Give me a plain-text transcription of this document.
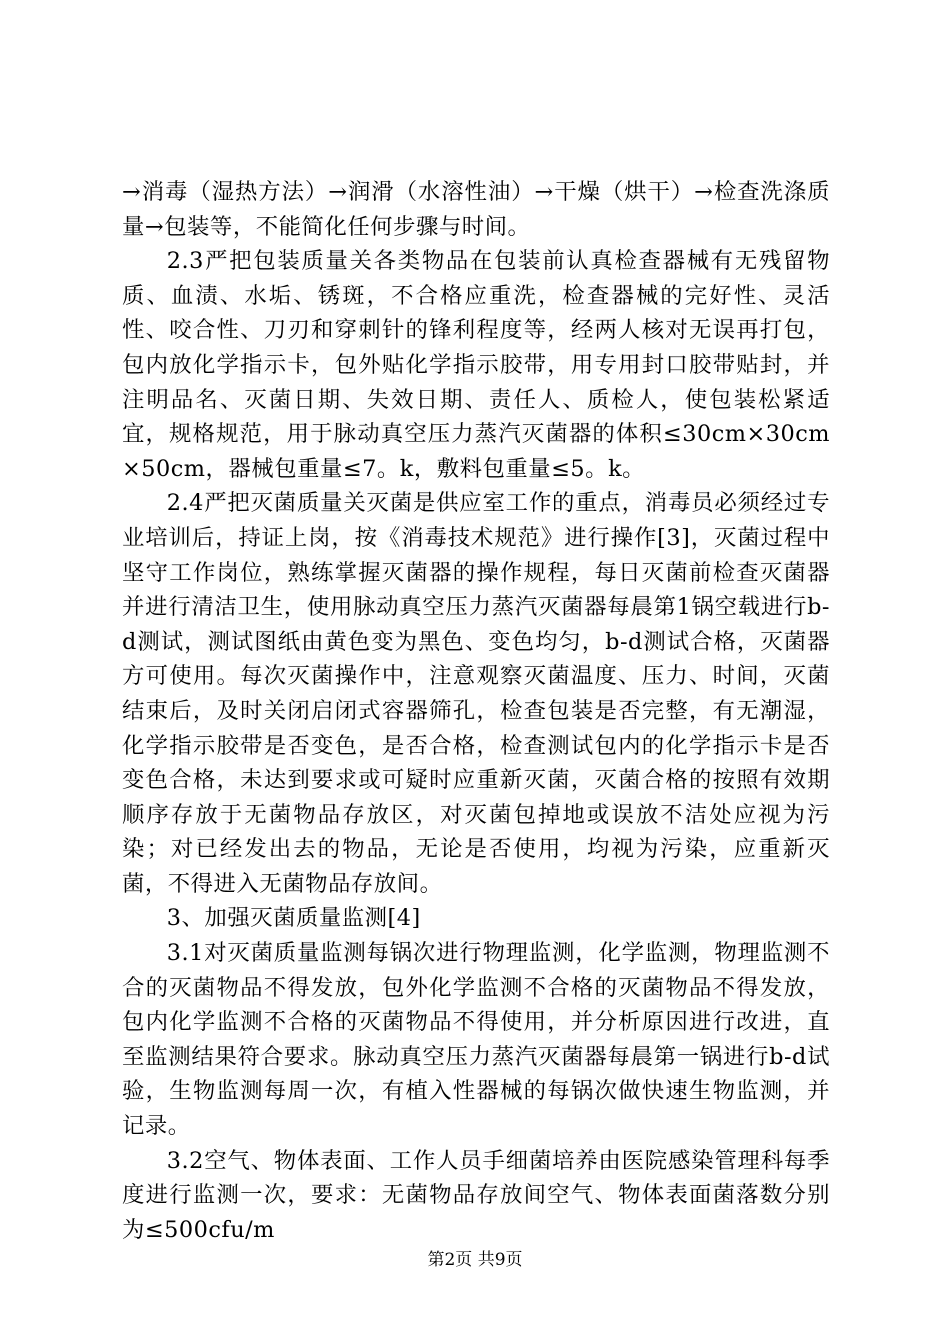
→消毒（湿热方法）→润滑（水溶性油）→干燥（烘干）→检查洗涤质量→包装等，不能简化任何步骤与时间。

2.3严把包装质量关各类物品在包装前认真检查器械有无残留物质、血渍、水垢、锈斑，不合格应重洗，检查器械的完好性、灵活性、咬合性、刀刃和穿刺针的锋利程度等，经两人核对无误再打包，包内放化学指示卡，包外贴化学指示胶带，用专用封口胶带贴封，并注明品名、灭菌日期、失效日期、责任人、质检人，使包装松紧适宜，规格规范，用于脉动真空压力蒸汽灭菌器的体积≤30cm×30cm×50cm，器械包重量≤7。k，敷料包重量≤5。k。

2.4严把灭菌质量关灭菌是供应室工作的重点，消毒员必须经过专业培训后，持证上岗，按《消毒技术规范》进行操作[3]，灭菌过程中坚守工作岗位，熟练掌握灭菌器的操作规程，每日灭菌前检查灭菌器并进行清洁卫生，使用脉动真空压力蒸汽灭菌器每晨第1锅空载进行b-d测试，测试图纸由黄色变为黑色、变色均匀，b-d测试合格，灭菌器方可使用。每次灭菌操作中，注意观察灭菌温度、压力、时间，灭菌结束后，及时关闭启闭式容器筛孔，检查包装是否完整，有无潮湿，化学指示胶带是否变色，是否合格，检查测试包内的化学指示卡是否变色合格，未达到要求或可疑时应重新灭菌，灭菌合格的按照有效期顺序存放于无菌物品存放区，对灭菌包掉地或误放不洁处应视为污染；对已经发出去的物品，无论是否使用，均视为污染，应重新灭菌，不得进入无菌物品存放间。

3、加强灭菌质量监测[4]

3.1对灭菌质量监测每锅次进行物理监测，化学监测，物理监测不合的灭菌物品不得发放，包外化学监测不合格的灭菌物品不得发放，包内化学监测不合格的灭菌物品不得使用，并分析原因进行改进，直至监测结果符合要求。脉动真空压力蒸汽灭菌器每晨第一锅进行b-d试验，生物监测每周一次，有植入性器械的每锅次做快速生物监测，并记录。

3.2空气、物体表面、工作人员手细菌培养由医院感染管理科每季度进行监测一次，要求：无菌物品存放间空气、物体表面菌落数分别为≤500cfu/m

第2页 共9页
